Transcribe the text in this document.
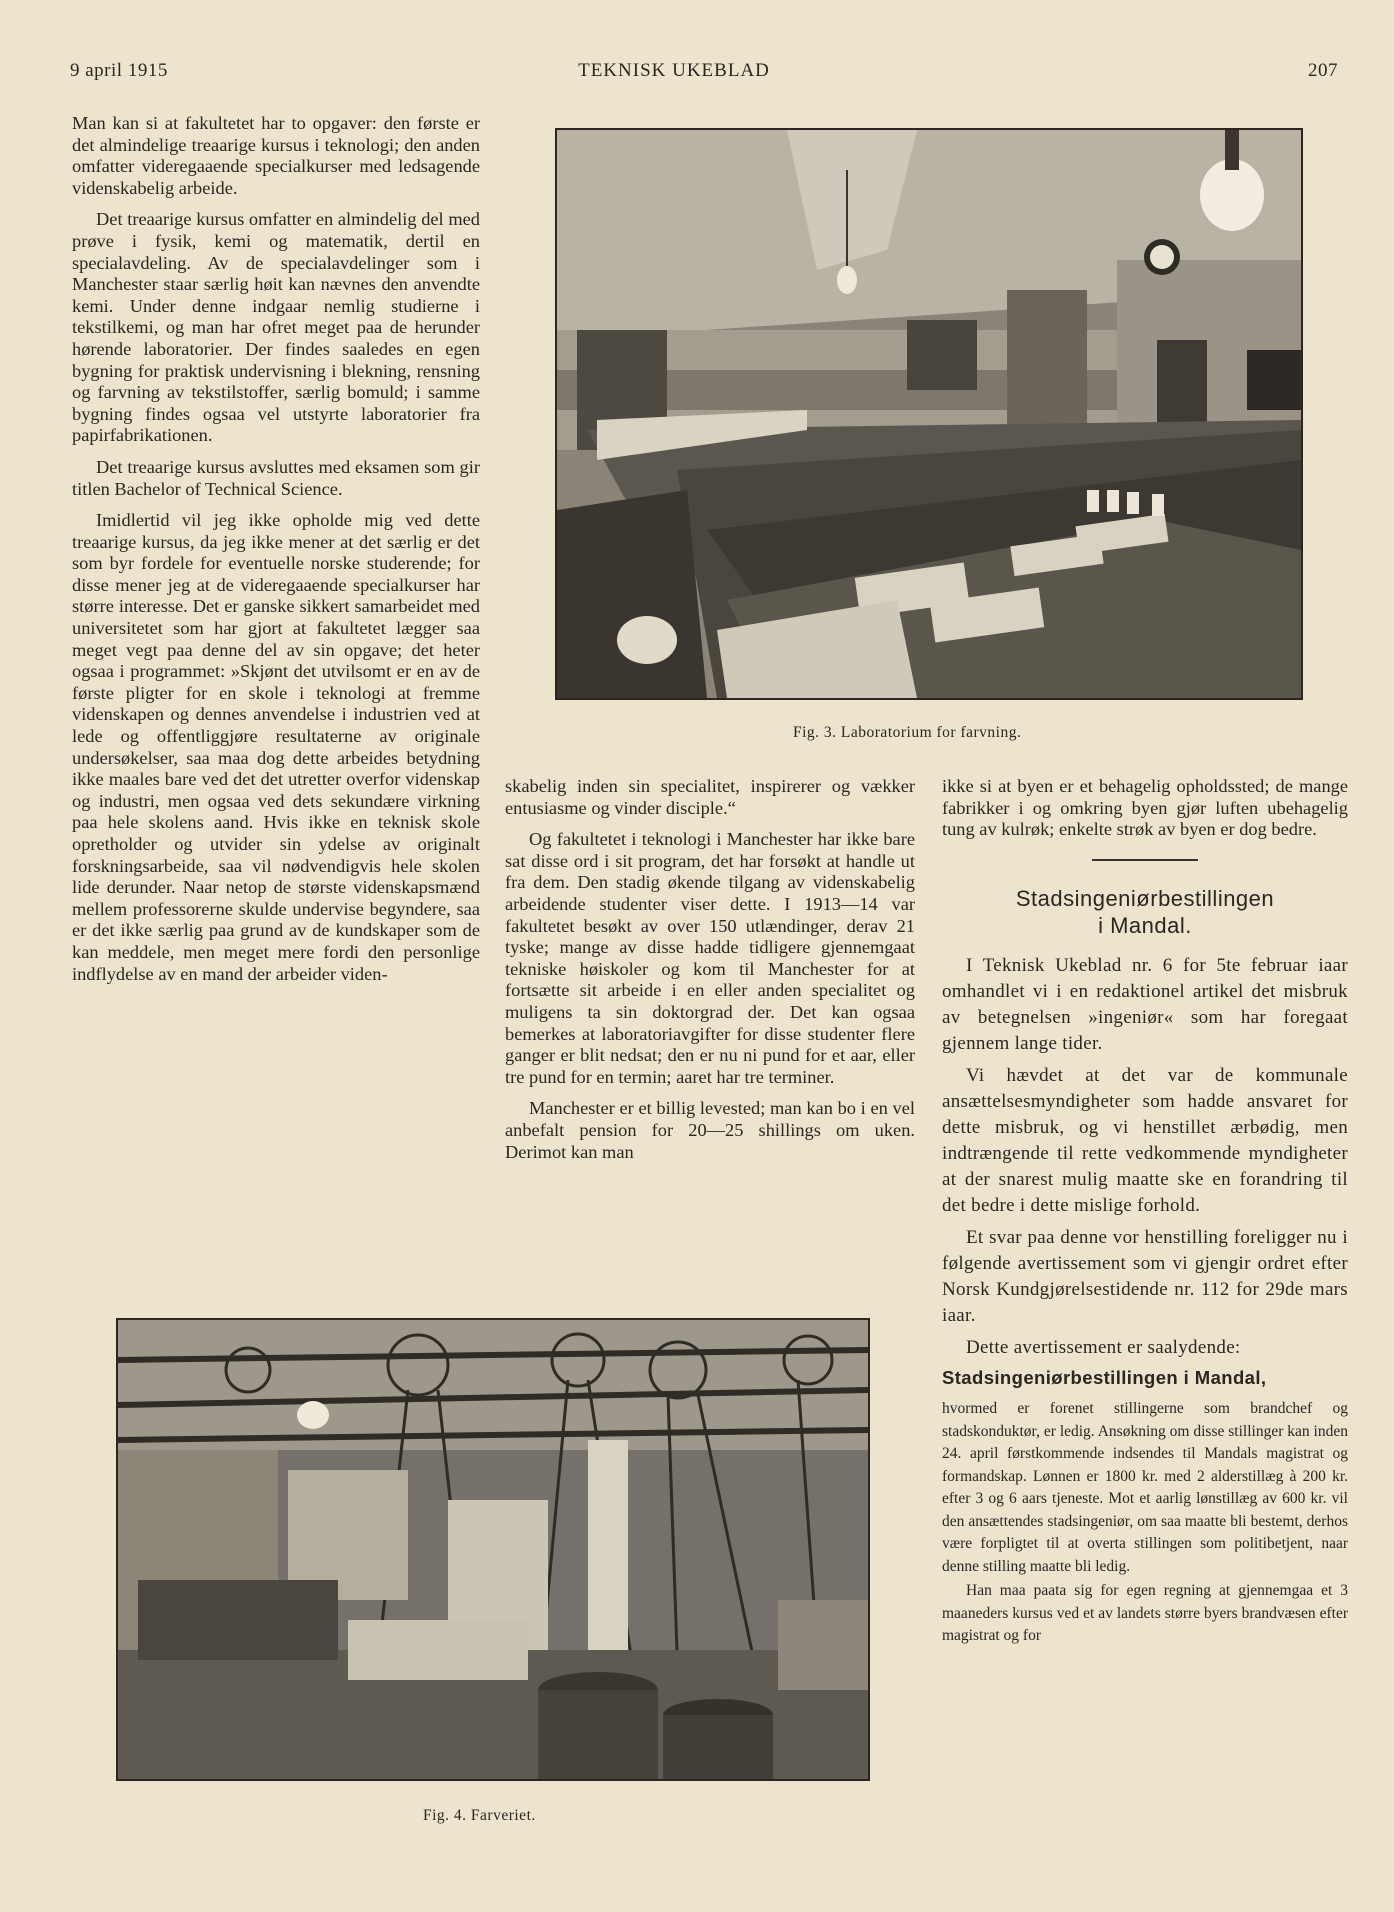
9 april 1915	TEKNISK UKEBLAD	207

Man kan si at fakultetet har to opgaver: den første er det almindelige treaarige kursus i teknologi; den anden omfatter videregaaende specialkurser med ledsagende videnskabelig arbeide.

Det treaarige kursus omfatter en almindelig del med prøve i fysik, kemi og matematik, dertil en specialavdeling. Av de specialavdelinger som i Manchester staar særlig høit kan nævnes den anvendte kemi. Under denne indgaar nemlig studierne i tekstilkemi, og man har ofret meget paa de herunder hørende laboratorier. Der findes saaledes en egen bygning for praktisk undervisning i blekning, rensning og farvning av tekstilstoffer, særlig bomuld; i samme bygning findes ogsaa vel utstyrte laboratorier fra papirfabrikationen.

Det treaarige kursus avsluttes med eksamen som gir titlen Bachelor of Technical Science.

Imidlertid vil jeg ikke opholde mig ved dette treaarige kursus, da jeg ikke mener at det særlig er det som byr fordele for eventuelle norske studerende; for disse mener jeg at de videregaaende specialkurser har større interesse. Det er ganske sikkert samarbeidet med universitetet som har gjort at fakultetet lægger saa meget vegt paa denne del av sin opgave; det heter ogsaa i programmet: »Skjønt det utvilsomt er en av de første pligter for en skole i teknologi at fremme videnskapen og dennes anvendelse i industrien ved at lede og offentliggjøre resultaterne av originale undersøkelser, saa maa dog dette arbeides betydning ikke maales bare ved det det utretter overfor videnskap og industri, men ogsaa ved dets sekundære virkning paa hele skolens aand. Hvis ikke en teknisk skole opretholder og utvider sin ydelse av originalt forskningsarbeide, saa vil nødvendigvis hele skolen lide derunder. Naar netop de største videnskapsmænd mellem professorerne skulde undervise begyndere, saa er det ikke særlig paa grund av de kundskaper som de kan meddele, men meget mere fordi den personlige indflydelse av en mand der arbeider viden-

Fig. 3. Laboratorium for farvning.

skabelig inden sin specialitet, inspirerer og vækker entusiasme og vinder disciple.“

Og fakultetet i teknologi i Manchester har ikke bare sat disse ord i sit program, det har forsøkt at handle ut fra dem. Den stadig økende tilgang av videnskabelig arbeidende studenter viser dette. I 1913—14 var fakultetet besøkt av over 150 utlændinger, derav 21 tyske; mange av disse hadde tidligere gjennemgaat tekniske høiskoler og kom til Manchester for at fortsætte sit arbeide i en eller anden specialitet og muligens ta sin doktorgrad der. Det kan ogsaa bemerkes at laboratoriavgifter for disse studenter flere ganger er blit nedsat; den er nu ni pund for et aar, eller tre pund for en termin; aaret har tre terminer.

Manchester er et billig levested; man kan bo i en vel anbefalt pension for 20—25 shillings om uken. Derimot kan man

ikke si at byen er et behagelig opholdssted; de mange fabrikker i og omkring byen gjør luften ubehagelig tung av kulrøk; enkelte strøk av byen er dog bedre.

Stadsingeniørbestillingen
i Mandal.

I Teknisk Ukeblad nr. 6 for 5te februar iaar omhandlet vi i en redaktionel artikel det misbruk av betegnelsen »ingeniør« som har foregaat gjennem lange tider.

Vi hævdet at det var de kommunale ansættelsesmyndigheter som hadde ansvaret for dette misbruk, og vi henstillet ærbødig, men indtrængende til rette vedkommende myndigheter at der snarest mulig maatte ske en forandring til det bedre i dette mislige forhold.

Et svar paa denne vor henstilling foreligger nu i følgende avertissement som vi gjengir ordret efter Norsk Kundgjørelsestidende nr. 112 for 29de mars iaar.

Dette avertissement er saalydende:

Stadsingeniørbestillingen i Mandal,

hvormed er forenet stillingerne som brandchef og stadskonduktør, er ledig. Ansøkning om disse stillinger kan inden 24. april førstkommende indsendes til Mandals magistrat og formandskap. Lønnen er 1800 kr. med 2 alderstillæg à 200 kr. efter 3 og 6 aars tjeneste. Mot et aarlig lønstillæg av 600 kr. vil den ansættendes stadsingeniør, om saa maatte bli bestemt, derhos være forpligtet til at overta stillingen som politibetjent, naar denne stilling maatte bli ledig.

Han maa paata sig for egen regning at gjennemgaa et 3 maaneders kursus ved et av landets større byers brandvæsen efter magistrat og for

Fig. 4. Farveriet.
